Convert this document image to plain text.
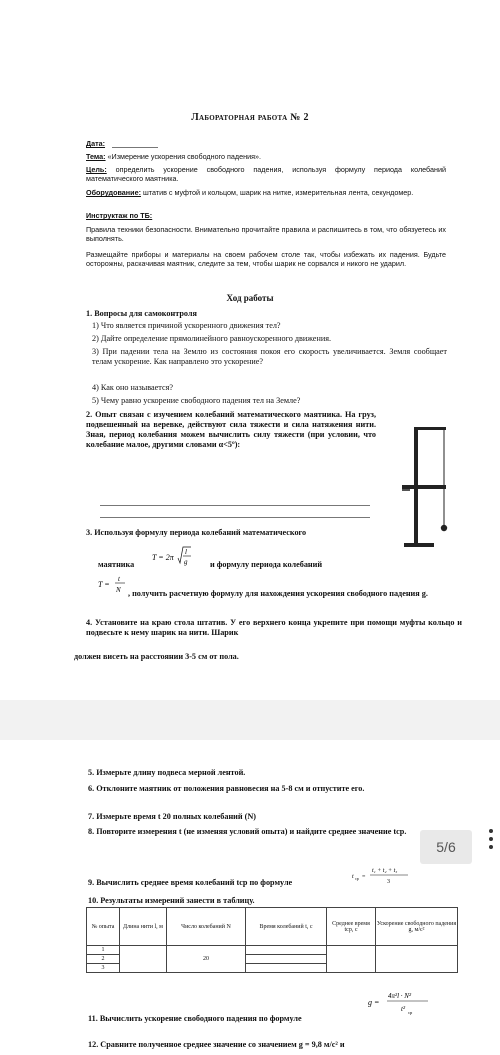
Лабораторная работа № 2
Дата:
Тема: «Измерение ускорения свободного падения».
Цель: определить ускорение свободного падения, используя формулу периода колебаний математического маятника.
Оборудование: штатив с муфтой и кольцом, шарик на нитке, измерительная лента, секундомер.
Инструктаж по ТБ:
Правила техники безопасности. Внимательно прочитайте правила и распишитесь в том, что обязуетесь их выполнять.
Размещайте приборы и материалы на своем рабочем столе так, чтобы избежать их падения. Будьте осторожны, раскачивая маятник, следите за тем, чтобы шарик не сорвался и никого не ударил.
Ход работы
1. Вопросы для самоконтроля
1) Что является причиной ускоренного движения тел?
2) Дайте определение прямолинейного равноускоренного движения.
3) При падении тела на Землю из состояния покоя его скорость увеличивается. Земля сообщает телам ускорение. Как направлено это ускорение?
4) Как оно называется?
5) Чему равно ускорение свободного падения тел на Земле?
2. Опыт связан с изучением колебаний математического маятника. На груз, подвешенный на веревке, действуют сила тяжести и сила натяжения нити. Зная, период колебания можем вычислить силу тяжести (при условии, что колебание малое, другими словами α<5º):
3. Используя формулу периода колебаний математического
маятника
T = 2π
l
g	и формулу периода колебаний
T =
t
N , получить расчетную формулу для нахождения ускорения свободного падения g.
4. Установите на краю стола штатив. У его верхнего конца укрепите при помощи муфты кольцо и подвесьте к нему шарик на нити. Шарик
должен висеть на расстоянии 3-5 см от пола.
5. Измерьте длину подвеса мерной лентой.
6. Отклоните маятник от положения равновесия на 5-8 см и отпустите его.
7. Измерьте время t 20 полных колебаний (N)
8. Повторите измерения t (не изменяя условий опыта) и найдите среднее значение tср.
9. Вычислить среднее время колебаний tср по формуле
t ср =
t₁ + t₂ + t₃
3
10. Результаты измерений занести в таблицу.
№ опыта	Длина нити l, м	Число колебаний N	Время колебаний t, с	Среднее время tср, с	Ускорение свободного падения g, м/с²
1		20			
2					
3					
g =
4π²l · N²
t² ср
11. Вычислить ускорение свободного падения по формуле
12. Сравните полученное среднее значение со значением g = 9,8 м/с² и
5/6
